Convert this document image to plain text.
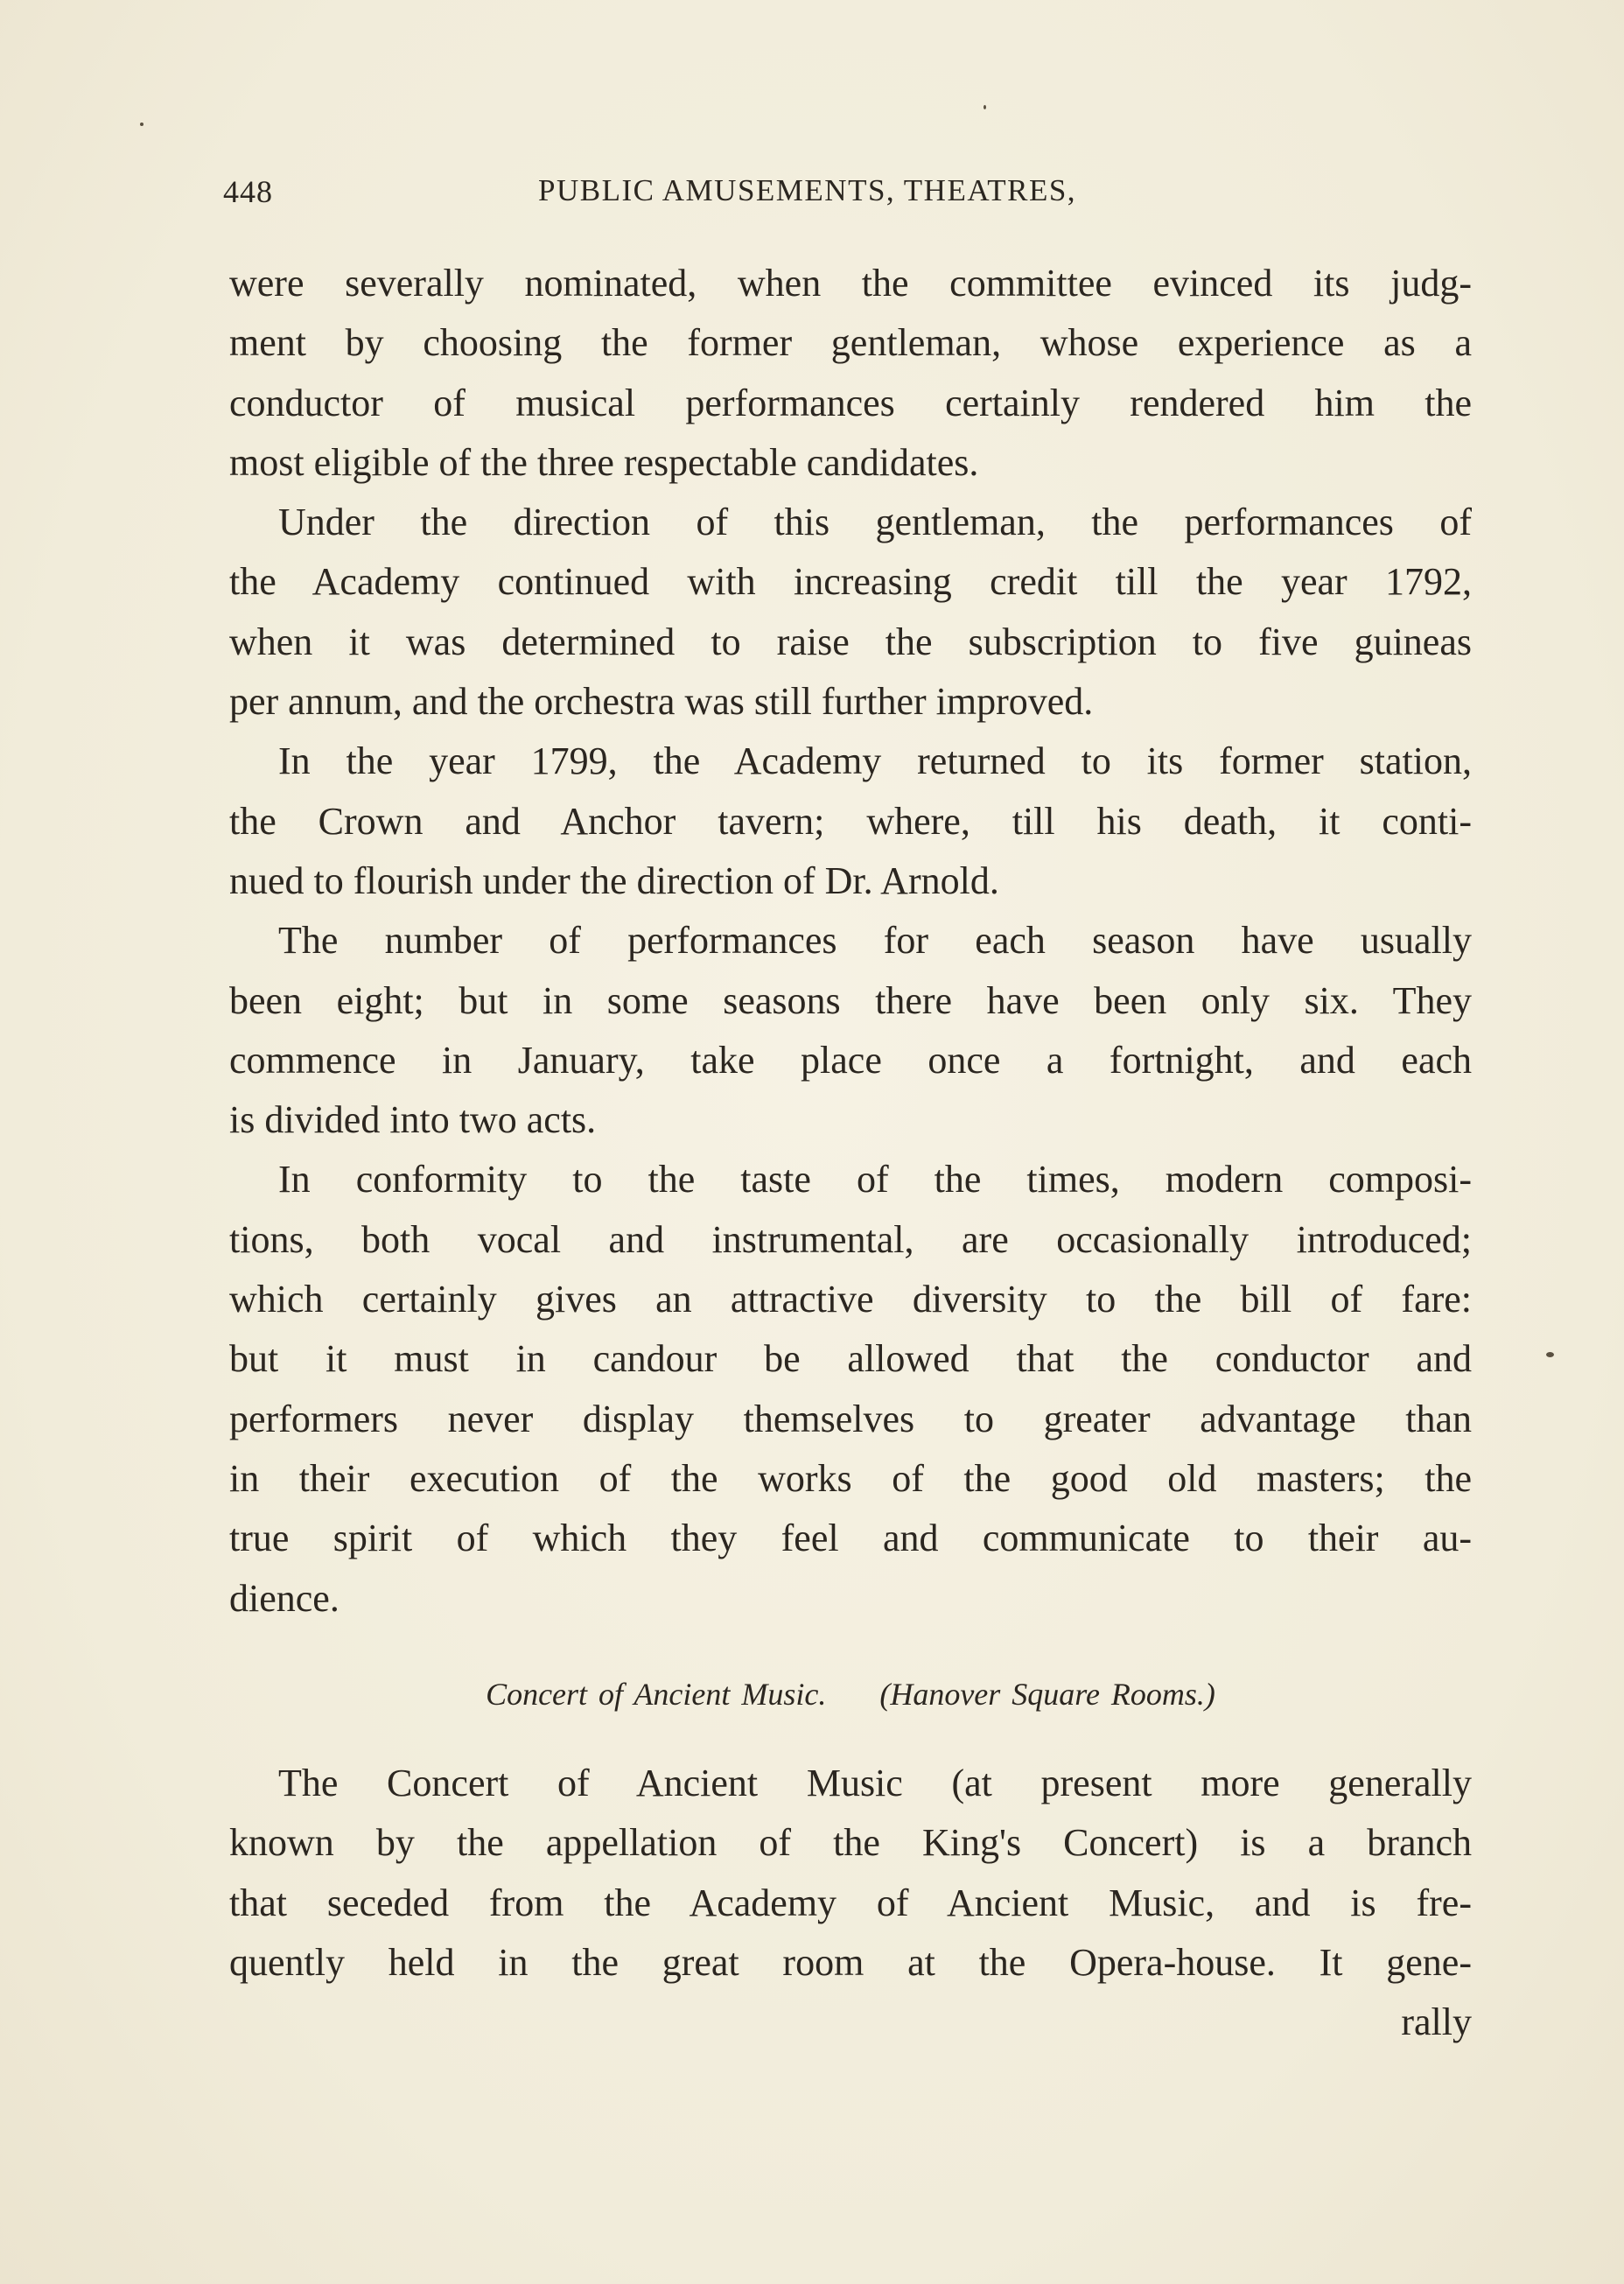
448	PUBLIC AMUSEMENTS, THEATRES,
were severally nominated, when the committee evinced its judg-
ment by choosing the former gentleman, whose experience as a
conductor of musical performances certainly rendered him the
most eligible of the three respectable candidates.
Under the direction of this gentleman, the performances of
the Academy continued with increasing credit till the year 1792,
when it was determined to raise the subscription to five guineas
per annum, and the orchestra was still further improved.
In the year 1799, the Academy returned to its former station,
the Crown and Anchor tavern; where, till his death, it conti-
nued to flourish under the direction of Dr. Arnold.
The number of performances for each season have usually
been eight; but in some seasons there have been only six. They
commence in January, take place once a fortnight, and each
is divided into two acts.
In conformity to the taste of the times, modern composi-
tions, both vocal and instrumental, are occasionally introduced;
which certainly gives an attractive diversity to the bill of fare:
but it must in candour be allowed that the conductor and
performers never display themselves to greater advantage than
in their execution of the works of the good old masters; the
true spirit of which they feel and communicate to their au-
dience.
Concert of Ancient Music. (Hanover Square Rooms.)
The Concert of Ancient Music (at present more generally
known by the appellation of the King's Concert) is a branch
that seceded from the Academy of Ancient Music, and is fre-
quently held in the great room at the Opera-house. It gene-
rally
